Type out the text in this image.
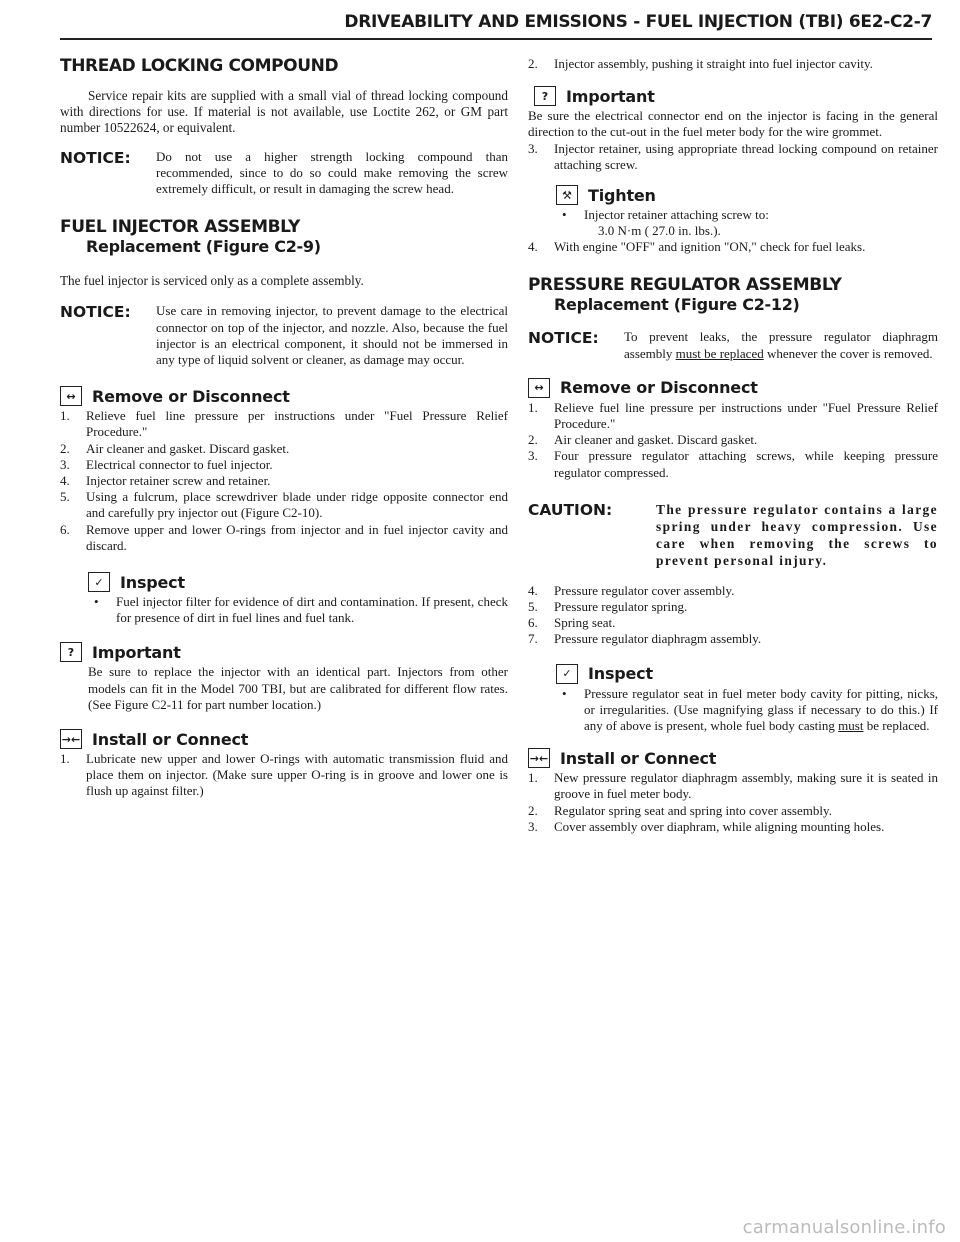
DRIVEABILITY AND EMISSIONS - FUEL INJECTION (TBI) 6E2-C2-7
THREAD LOCKING COMPOUND

Service repair kits are supplied with a small vial of thread locking compound with directions for use. If material is not available, use Loctite 262, or GM part number 10522624, or equivalent.

NOTICE:	Do not use a higher strength locking compound than recommended, since to do so could make removing the screw extremely difficult, or result in damaging the screw head.
FUEL INJECTOR ASSEMBLY
Replacement (Figure C2-9)

The fuel injector is serviced only as a complete assembly.

NOTICE:	Use care in removing injector, to prevent damage to the electrical connector on top of the injector, and nozzle. Also, because the fuel injector is an electrical component, it should not be immersed in any type of liquid solvent or cleaner, as damage may occur.
↔	Remove or Disconnect
1.	Relieve fuel line pressure per instructions under "Fuel Pressure Relief Procedure."
2.	Air cleaner and gasket. Discard gasket.
3.	Electrical connector to fuel injector.
4.	Injector retainer screw and retainer.
5.	Using a fulcrum, place screwdriver blade under ridge opposite connector end and carefully pry injector out (Figure C2-10).
6.	Remove upper and lower O-rings from injector and in fuel injector cavity and discard.
✓	Inspect
•	Fuel injector filter for evidence of dirt and contamination. If present, check for presence of dirt in fuel lines and fuel tank.
?	Important
Be sure to replace the injector with an identical part. Injectors from other models can fit in the Model 700 TBI, but are calibrated for different flow rates. (See Figure C2-11 for part number location.)
→← Install or Connect
1.	Lubricate new upper and lower O-rings with automatic transmission fluid and place them on injector. (Make sure upper O-ring is in groove and lower one is flush up against filter.)
2.	Injector assembly, pushing it straight into fuel injector cavity.
?	Important
Be sure the electrical connector end on the injector is facing in the general direction to the cut-out in the fuel meter body for the wire grommet.
3.	Injector retainer, using appropriate thread locking compound on retainer attaching screw.
⚒	Tighten
•	Injector retainer attaching screw to:
3.0 N·m ( 27.0 in. lbs.).
4.	With engine "OFF" and ignition "ON," check for fuel leaks.
PRESSURE REGULATOR ASSEMBLY
Replacement (Figure C2-12)
NOTICE:	To prevent leaks, the pressure regulator diaphragm assembly must be replaced whenever the cover is removed.
↔	Remove or Disconnect
1.	Relieve fuel line pressure per instructions under "Fuel Pressure Relief Procedure."
2.	Air cleaner and gasket. Discard gasket.
3.	Four pressure regulator attaching screws, while keeping pressure regulator compressed.
CAUTION:	The pressure regulator contains a large spring under heavy compression. Use care when removing the screws to prevent personal injury.
4.	Pressure regulator cover assembly.
5.	Pressure regulator spring.
6.	Spring seat.
7.	Pressure regulator diaphragm assembly.
✓	Inspect
•	Pressure regulator seat in fuel meter body cavity for pitting, nicks, or irregularities. (Use magnifying glass if necessary to do this.) If any of above is present, whole fuel body casting must be replaced.
→← Install or Connect
1.	New pressure regulator diaphragm assembly, making sure it is seated in groove in fuel meter body.
2.	Regulator spring seat and spring into cover assembly.
3.	Cover assembly over diaphram, while aligning mounting holes.
carmanualsonline.info
